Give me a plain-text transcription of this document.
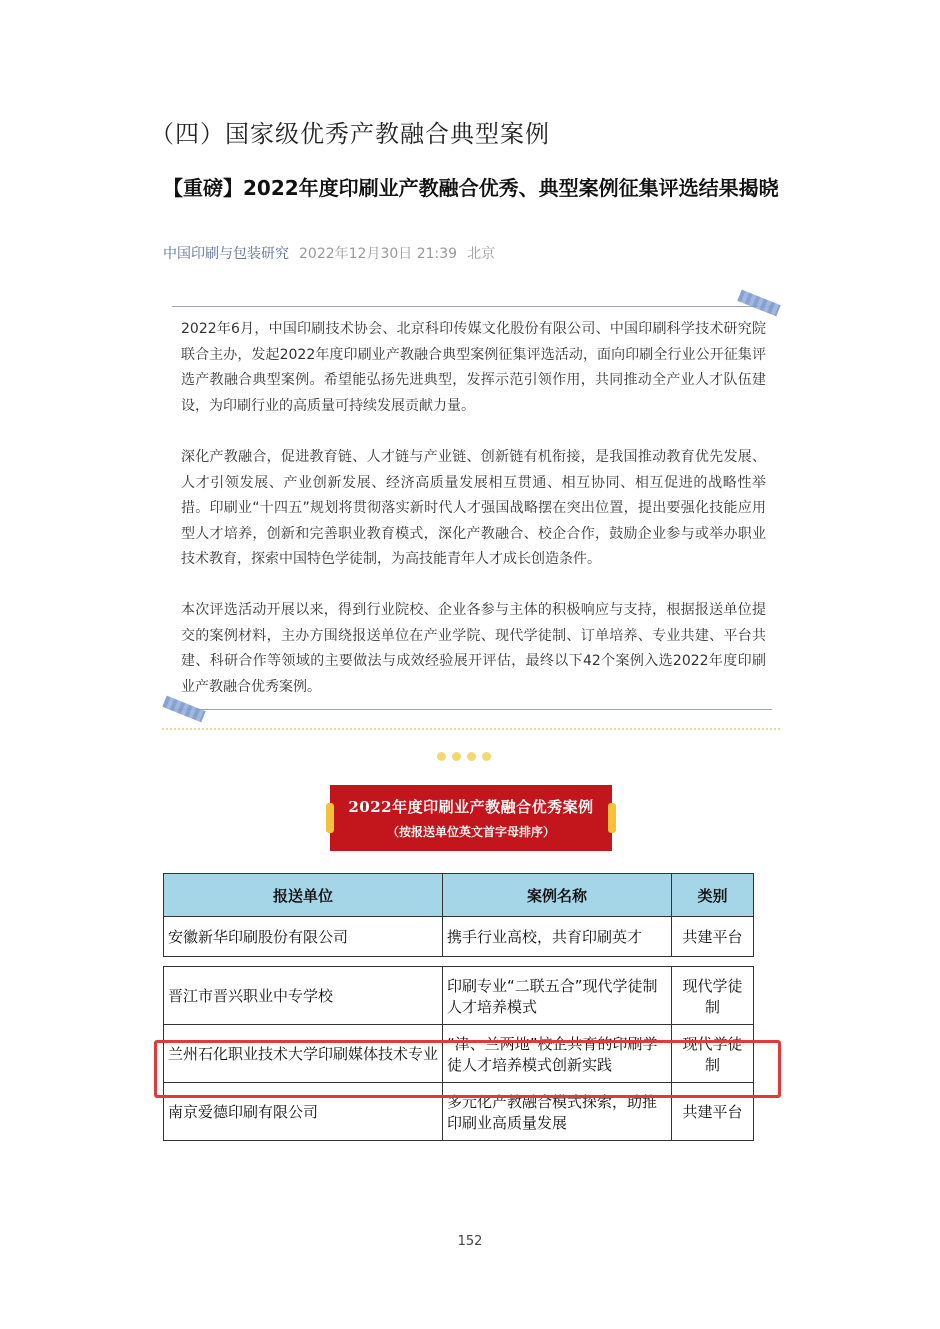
（四）国家级优秀产教融合典型案例
【重磅】2022年度印刷业产教融合优秀、典型案例征集评选结果揭晓
中国印刷与包装研究 2022年12月30日 21:39 北京
2022年6月，中国印刷技术协会、北京科印传媒文化股份有限公司、中国印刷科学技术研究院联合主办，发起2022年度印刷业产教融合典型案例征集评选活动，面向印刷全行业公开征集评选产教融合典型案例。希望能弘扬先进典型，发挥示范引领作用，共同推动全产业人才队伍建设，为印刷行业的高质量可持续发展贡献力量。
深化产教融合，促进教育链、人才链与产业链、创新链有机衔接，是我国推动教育优先发展、人才引领发展、产业创新发展、经济高质量发展相互贯通、相互协同、相互促进的战略性举措。印刷业“十四五”规划将贯彻落实新时代人才强国战略摆在突出位置，提出要强化技能应用型人才培养，创新和完善职业教育模式，深化产教融合、校企合作，鼓励企业参与或举办职业技术教育，探索中国特色学徒制，为高技能青年人才成长创造条件。
本次评选活动开展以来，得到行业院校、企业各参与主体的积极响应与支持，根据报送单位提交的案例材料，主办方围绕报送单位在产业学院、现代学徒制、订单培养、专业共建、平台共建、科研合作等领域的主要做法与成效经验展开评估，最终以下42个案例入选2022年度印刷业产教融合优秀案例。
2022年度印刷业产教融合优秀案例
（按报送单位英文首字母排序）
报送单位	案例名称	类别
安徽新华印刷股份有限公司	携手行业高校，共育印刷英才	共建平台
晋江市晋兴职业中专学校	印刷专业“二联五合”现代学徒制人才培养模式	现代学徒制
兰州石化职业技术大学印刷媒体技术专业	“津、兰两地”校企共育的印刷学徒人才培养模式创新实践	现代学徒制
南京爱德印刷有限公司	多元化产教融合模式探索，助推印刷业高质量发展	共建平台
152
